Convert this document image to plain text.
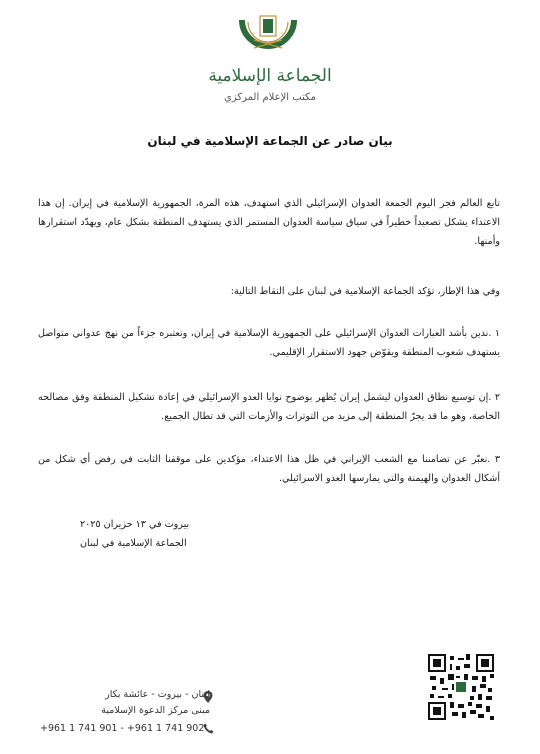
الجماعة الإسلامية
مكتب الإعلام المركزي
بيان صادر عن الجماعة الإسلامية في لبنان
تابع العالم فجر اليوم الجمعة العدوان الإسرائيلي الذي استهدف، هذه المرة، الجمهورية الإسلامية في إيران. إن هذا الاعتداء يشكل تصعيداً خطيراً في سياق سياسة العدوان المستمر الذي يستهدف المنطقة بشكل عام، ويهدّد استقرارها وأمنها.
وفي هذا الإطار، تؤكد الجماعة الإسلامية في لبنان على النقاط التالية:
١ .ندين بأشد العبارات العدوان الإسرائيلي على الجمهورية الإسلامية في إيران، ونعتبره جزءاً من نهج عدواني متواصل يستهدف شعوب المنطقة ويقوّض جهود الاستقرار الإقليمي.
٢ .إن توسيع نطاق العدوان ليشمل إيران يُظهر بوضوح نوايا العدو الإسرائيلي في إعادة تشكيل المنطقة وفق مصالحه الخاصة، وهو ما قد يجرّ المنطقة إلى مزيد من التوترات والأزمات التي قد تطال الجميع.
٣ .نعبّر عن تضامننا مع الشعب الإيراني في ظل هذا الاعتداء، مؤكدين على موقفنا الثابت في رفض أي شكل من أشكال العدوان والهيمنة والتي يمارسها العدو الاسرائيلي.
بيروت في ١٣ حزيران ٢٠٢٥
الجماعة الإسلامية في لبنان
لبنان - بيروت - عائشة بكار
مبنى مركز الدعوة الإسلامية
+961 1 741 901 - +961 1 741 902
